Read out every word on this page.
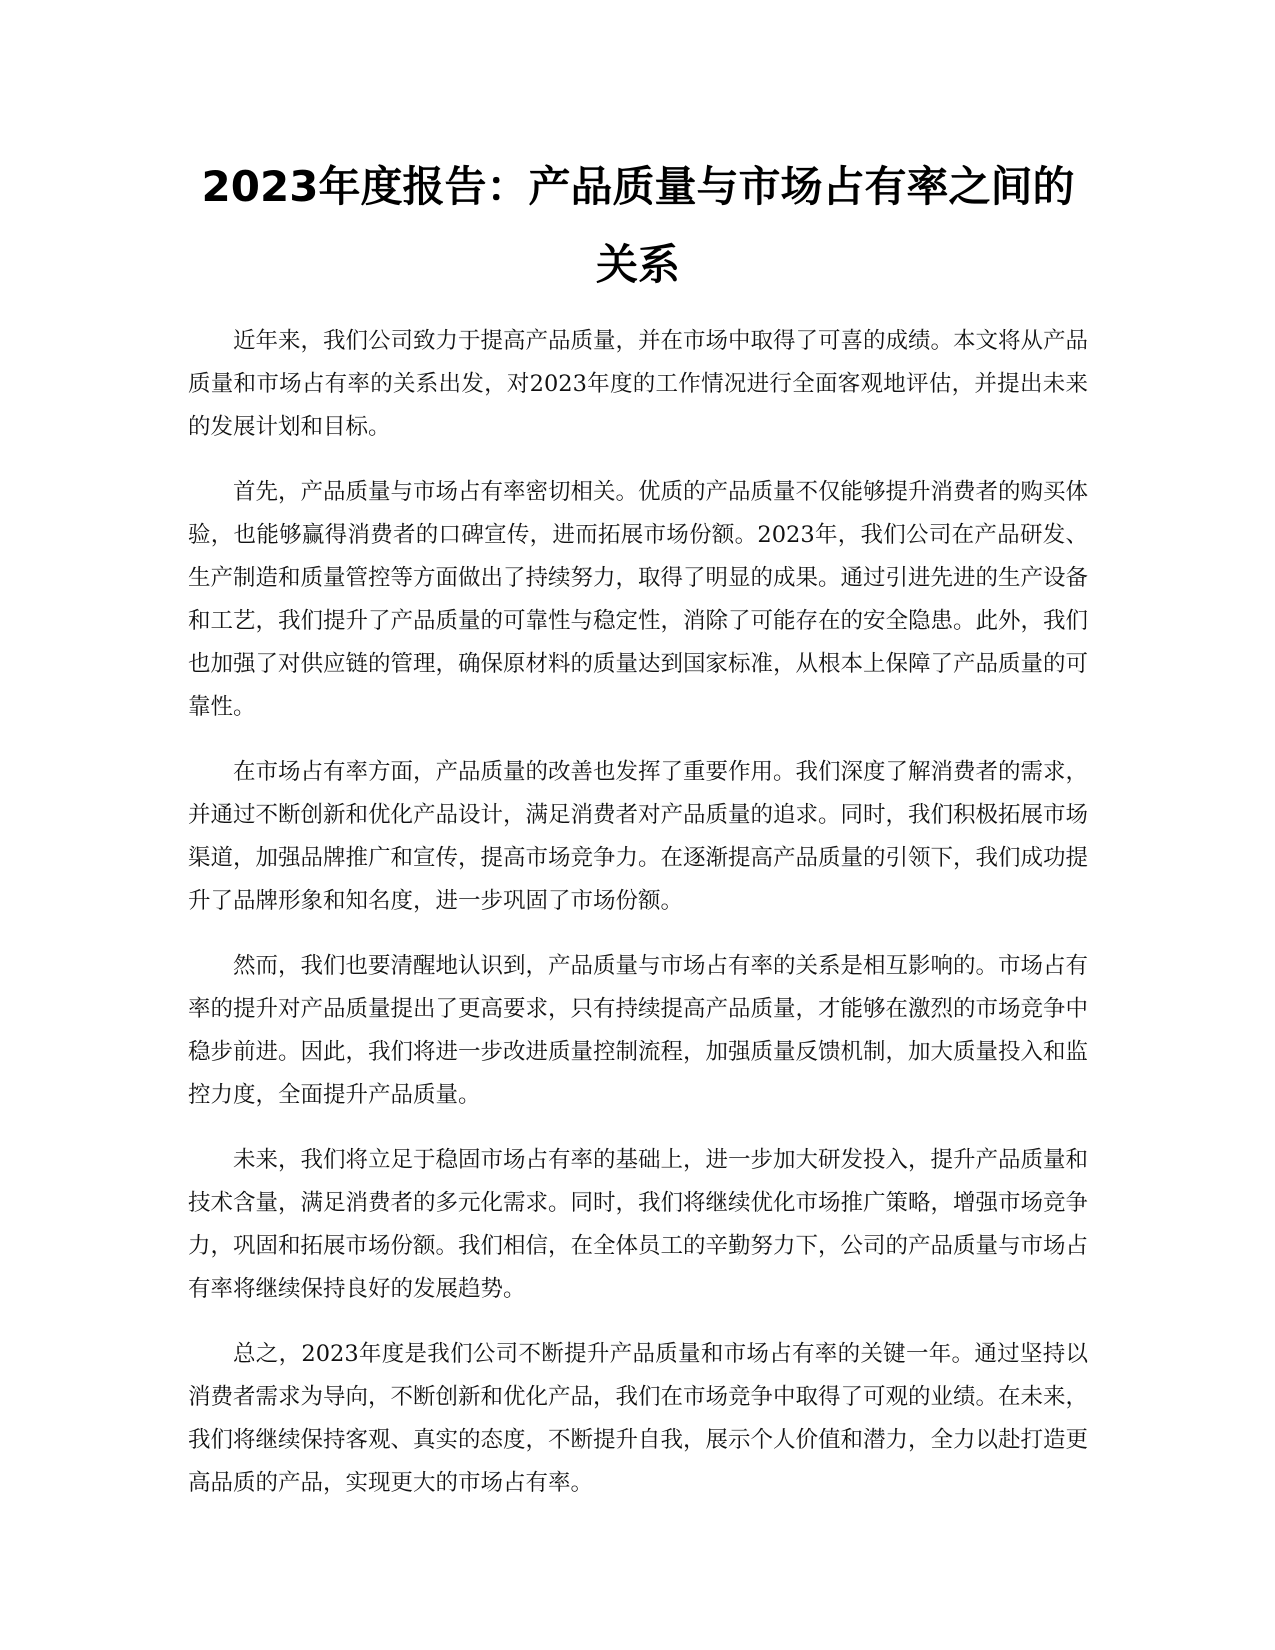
2023年度报告：产品质量与市场占有率之间的关系

近年来，我们公司致力于提高产品质量，并在市场中取得了可喜的成绩。本文将从产品质量和市场占有率的关系出发，对2023年度的工作情况进行全面客观地评估，并提出未来的发展计划和目标。

首先，产品质量与市场占有率密切相关。优质的产品质量不仅能够提升消费者的购买体验，也能够赢得消费者的口碑宣传，进而拓展市场份额。2023年，我们公司在产品研发、生产制造和质量管控等方面做出了持续努力，取得了明显的成果。通过引进先进的生产设备和工艺，我们提升了产品质量的可靠性与稳定性，消除了可能存在的安全隐患。此外，我们也加强了对供应链的管理，确保原材料的质量达到国家标准，从根本上保障了产品质量的可靠性。

在市场占有率方面，产品质量的改善也发挥了重要作用。我们深度了解消费者的需求，并通过不断创新和优化产品设计，满足消费者对产品质量的追求。同时，我们积极拓展市场渠道，加强品牌推广和宣传，提高市场竞争力。在逐渐提高产品质量的引领下，我们成功提升了品牌形象和知名度，进一步巩固了市场份额。

然而，我们也要清醒地认识到，产品质量与市场占有率的关系是相互影响的。市场占有率的提升对产品质量提出了更高要求，只有持续提高产品质量，才能够在激烈的市场竞争中稳步前进。因此，我们将进一步改进质量控制流程，加强质量反馈机制，加大质量投入和监控力度，全面提升产品质量。

未来，我们将立足于稳固市场占有率的基础上，进一步加大研发投入，提升产品质量和技术含量，满足消费者的多元化需求。同时，我们将继续优化市场推广策略，增强市场竞争力，巩固和拓展市场份额。我们相信，在全体员工的辛勤努力下，公司的产品质量与市场占有率将继续保持良好的发展趋势。

总之，2023年度是我们公司不断提升产品质量和市场占有率的关键一年。通过坚持以消费者需求为导向，不断创新和优化产品，我们在市场竞争中取得了可观的业绩。在未来，我们将继续保持客观、真实的态度，不断提升自我，展示个人价值和潜力，全力以赴打造更高品质的产品，实现更大的市场占有率。
